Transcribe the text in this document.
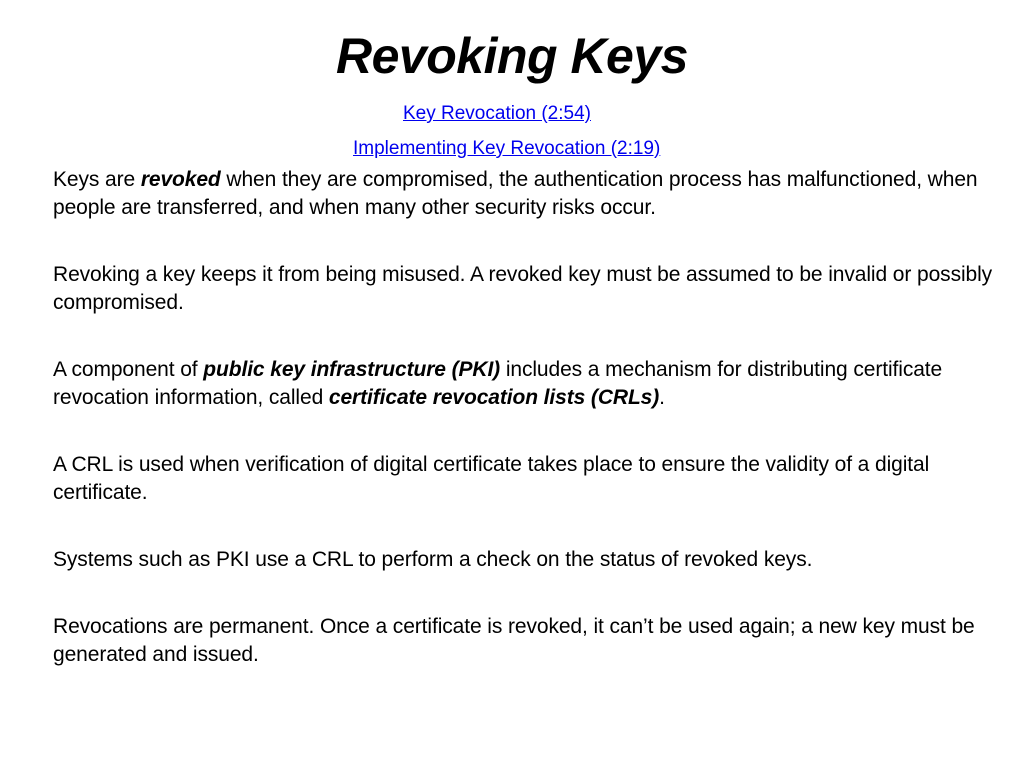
Revoking Keys
Key Revocation (2:54)
Implementing Key Revocation (2:19)

Keys are revoked when they are compromised, the authentication process has malfunctioned, when people are transferred, and when many other security risks occur.

Revoking a key keeps it from being misused. A revoked key must be assumed to be invalid or possibly compromised.

A component of public key infrastructure (PKI) includes a mechanism for distributing certificate revocation information, called certificate revocation lists (CRLs).

A CRL is used when verification of digital certificate takes place to ensure the validity of a digital certificate.

Systems such as PKI use a CRL to perform a check on the status of revoked keys.

Revocations are permanent. Once a certificate is revoked, it can’t be used again; a new key must be generated and issued.
